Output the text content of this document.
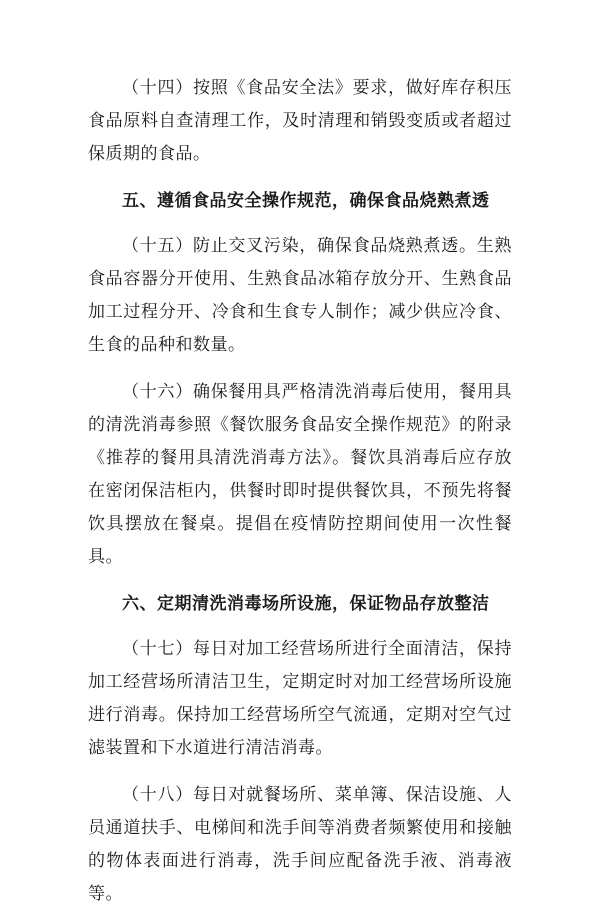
（十四）按照《食品安全法》要求，做好库存积压食品原料自查清理工作，及时清理和销毁变质或者超过保质期的食品。

五、遵循食品安全操作规范，确保食品烧熟煮透

（十五）防止交叉污染，确保食品烧熟煮透。生熟食品容器分开使用、生熟食品冰箱存放分开、生熟食品加工过程分开、冷食和生食专人制作；减少供应冷食、生食的品种和数量。

（十六）确保餐用具严格清洗消毒后使用，餐用具的清洗消毒参照《餐饮服务食品安全操作规范》的附录《推荐的餐用具清洗消毒方法》。餐饮具消毒后应存放在密闭保洁柜内，供餐时即时提供餐饮具，不预先将餐饮具摆放在餐桌。提倡在疫情防控期间使用一次性餐具。

六、定期清洗消毒场所设施，保证物品存放整洁

（十七）每日对加工经营场所进行全面清洁，保持加工经营场所清洁卫生，定期定时对加工经营场所设施进行消毒。保持加工经营场所空气流通，定期对空气过滤装置和下水道进行清洁消毒。

（十八）每日对就餐场所、菜单簿、保洁设施、人员通道扶手、电梯间和洗手间等消费者频繁使用和接触的物体表面进行消毒，洗手间应配备洗手液、消毒液等。
